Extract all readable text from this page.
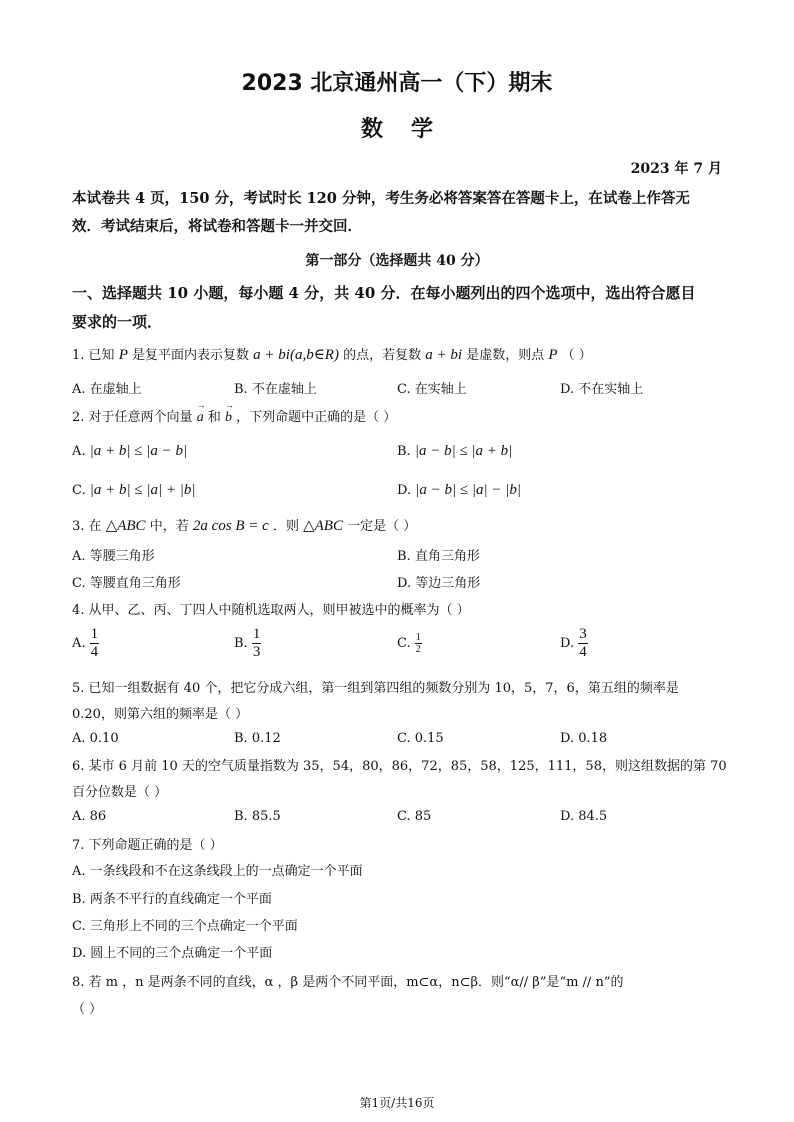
2023 北京通州高一（下）期末
数学
2023 年 7 月
本试卷共 4 页，150 分，考试时长 120 分钟，考生务必将答案答在答题卡上，在试卷上作答无
效．考试结束后，将试卷和答题卡一并交回．
第一部分（选择题共 40 分）
一、选择题共 10 小题，每小题 4 分，共 40 分．在每小题列出的四个选项中，选出符合愿目
要求的一项．
1. 已知 P 是复平面内表示复数 a + bi(a,b∈R) 的点，若复数 a + bi 是虚数，则点 P （ ）
A. 在虚轴上	B. 不在虚轴上	C. 在实轴上	D. 不在实轴上
2. 对于任意两个向量 → a 和 → b ，下列命题中正确的是（ ）
A. |a + b| ≤ |a − b|	B. |a − b| ≤ |a + b|
C. |a + b| ≤ |a| + |b|	D. |a − b| ≤ |a| − |b|
3. 在 △ABC 中，若 2a cos B = c ．则 △ABC 一定是（ ）
A. 等腰三角形	B. 直角三角形
C. 等腰直角三角形	D. 等边三角形
4. 从甲、乙、丙、丁四人中随机选取两人，则甲被选中的概率为（ ）
A. $\frac{1}{4}$	B. $\frac{1}{3}$	C. $\frac{1}{2}$	D. $\frac{3}{4}$
5. 已知一组数据有 40 个，把它分成六组，第一组到第四组的频数分别为 10，5，7，6，第五组的频率是
0.20，则第六组的频率是（ ）
A. 0.10	B. 0.12	C. 0.15	D. 0.18
6. 某市 6 月前 10 天的空气质量指数为 35，54，80，86，72，85，58，125，111，58，则这组数据的第 70
百分位数是（ ）
A. 86	B. 85.5	C. 85	D. 84.5
7. 下列命题正确的是（ ）
A. 一条线段和不在这条线段上的一点确定一个平面
B. 两条不平行的直线确定一个平面
C. 三角形上不同的三个点确定一个平面
D. 圆上不同的三个点确定一个平面
8. 若 m ，n 是两条不同的直线，α ，β 是两个不同平面，m⊂α，n⊂β．则“α// β”是“m // n”的
（ ）
第1页/共16页
